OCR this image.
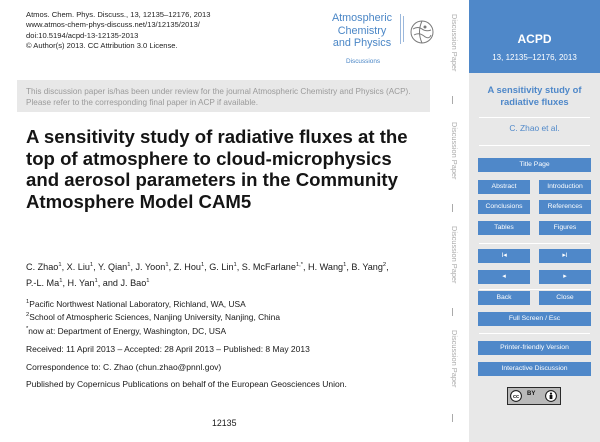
Atmos. Chem. Phys. Discuss., 13, 12135–12176, 2013
www.atmos-chem-phys-discuss.net/13/12135/2013/
doi:10.5194/acpd-13-12135-2013
© Author(s) 2013. CC Attribution 3.0 License.
Atmospheric
Chemistry
and Physics
Discussions

This discussion paper is/has been under review for the journal Atmospheric Chemistry and Physics (ACP). Please refer to the corresponding final paper in ACP if available.

A sensitivity study of radiative fluxes at the top of atmosphere to cloud-microphysics and aerosol parameters in the Community Atmosphere Model CAM5
C. Zhao$^1$, X. Liu$^1$, Y. Qian$^1$, J. Yoon$^1$, Z. Hou$^1$, G. Lin$^1$, S. McFarlane$^{1,*}$, H. Wang$^1$, B. Yang$^2$, P.-L. Ma$^1$, H. Yan$^1$, and J. Bao$^1$
$^1$Pacific Northwest National Laboratory, Richland, WA, USA
$^2$School of Atmospheric Sciences, Nanjing University, Nanjing, China
*now at: Department of Energy, Washington, DC, USA
Received: 11 April 2013 – Accepted: 28 April 2013 – Published: 8 May 2013
Correspondence to: C. Zhao (chun.zhao@pnnl.gov)
Published by Copernicus Publications on behalf of the European Geosciences Union.
12135
Discussion Paper
Discussion Paper
Discussion Paper
Discussion Paper
ACPD
13, 12135–12176, 2013
A sensitivity study of radiative fluxes
C. Zhao et al.
Title Page
Abstract	Introduction
Conclusions	References
Tables	Figures
I◂	▸I
◂	▸
Back	Close
Full Screen / Esc
Printer-friendly Version
Interactive Discussion
cc
BY
